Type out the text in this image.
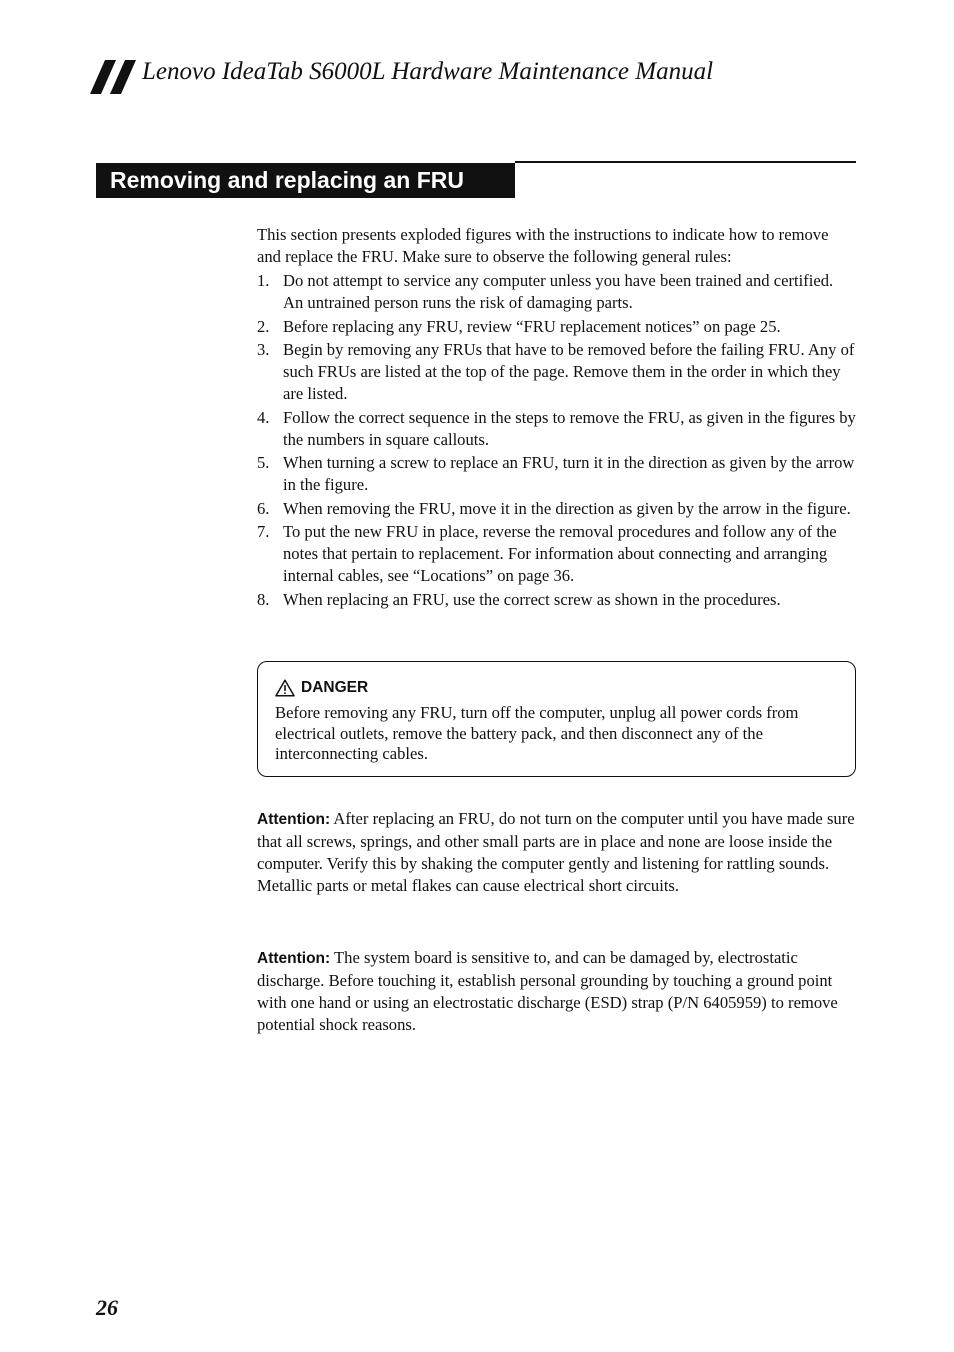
Lenovo IdeaTab S6000L Hardware Maintenance Manual
Removing and replacing an FRU

This section presents exploded figures with the instructions to indicate how to remove and replace the FRU. Make sure to observe the following general rules:

1. Do not attempt to service any computer unless you have been trained and certified. An untrained person runs the risk of damaging parts.
2. Before replacing any FRU, review “FRU replacement notices” on page 25.
3. Begin by removing any FRUs that have to be removed before the failing FRU. Any of such FRUs are listed at the top of the page. Remove them in the order in which they are listed.
4. Follow the correct sequence in the steps to remove the FRU, as given in the figures by the numbers in square callouts.
5. When turning a screw to replace an FRU, turn it in the direction as given by the arrow in the figure.
6. When removing the FRU, move it in the direction as given by the arrow in the figure.
7. To put the new FRU in place, reverse the removal procedures and follow any of the notes that pertain to replacement. For information about connecting and arranging internal cables, see “Locations” on page 36.
8. When replacing an FRU, use the correct screw as shown in the procedures.
DANGER
Before removing any FRU, turn off the computer, unplug all power cords from electrical outlets, remove the battery pack, and then disconnect any of the interconnecting cables.

Attention: After replacing an FRU, do not turn on the computer until you have made sure that all screws, springs, and other small parts are in place and none are loose inside the computer. Verify this by shaking the computer gently and listening for rattling sounds. Metallic parts or metal flakes can cause electrical short circuits.

Attention: The system board is sensitive to, and can be damaged by, electrostatic discharge. Before touching it, establish personal grounding by touching a ground point with one hand or using an electrostatic discharge (ESD) strap (P/N 6405959) to remove potential shock reasons.

26
